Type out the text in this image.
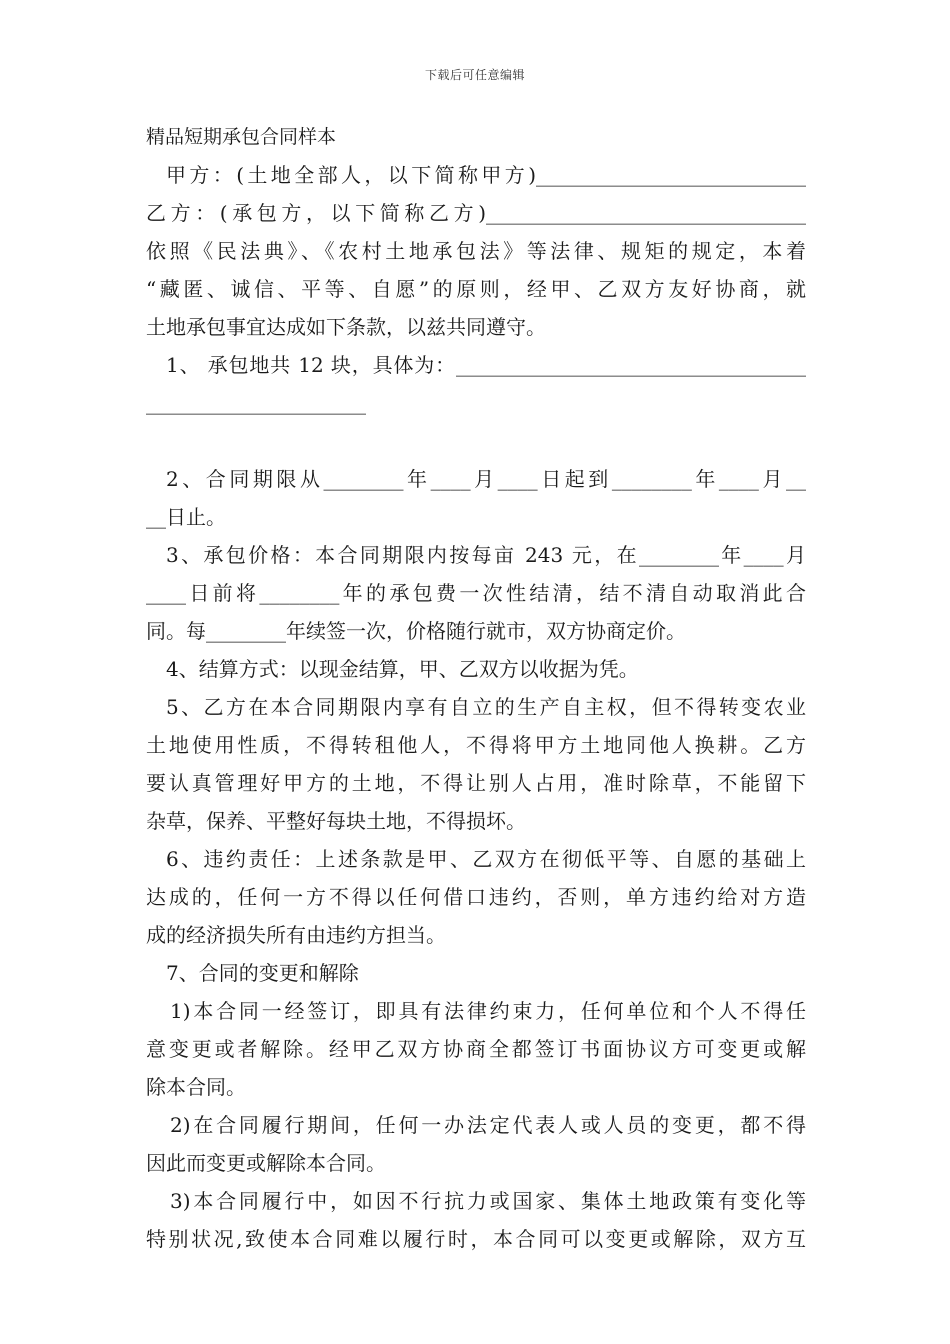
下载后可任意编辑
精品短期承包合同样本
甲方：(土地全部人，以下简称甲方)___________________________
乙方：(承包方，以下简称乙方)________________________________
依照《民法典》、《农村土地承包法》等法律、规矩的规定，本着
“藏匿、诚信、平等、自愿”的原则，经甲、乙双方友好协商，就
土地承包事宜达成如下条款，以兹共同遵守。
1、 承包地共 12 块，具体为：___________________________________
______________________
2、合同期限从________年____月____日起到________年____月__
__日止。
3、承包价格：本合同期限内按每亩 243 元，在________年____月
____日前将________年的承包费一次性结清，结不清自动取消此合
同。每________年续签一次，价格随行就市，双方协商定价。
4、结算方式：以现金结算，甲、乙双方以收据为凭。
5、乙方在本合同期限内享有自立的生产自主权，但不得转变农业
土地使用性质，不得转租他人，不得将甲方土地同他人换耕。乙方
要认真管理好甲方的土地，不得让别人占用，准时除草，不能留下
杂草，保养、平整好每块土地，不得损坏。
6、违约责任：上述条款是甲、乙双方在彻低平等、自愿的基础上
达成的，任何一方不得以任何借口违约，否则，单方违约给对方造
成的经济损失所有由违约方担当。
7、合同的变更和解除
1)本合同一经签订，即具有法律约束力，任何单位和个人不得任
意变更或者解除。经甲乙双方协商全都签订书面协议方可变更或解
除本合同。
2)在合同履行期间，任何一办法定代表人或人员的变更，都不得
因此而变更或解除本合同。
3)本合同履行中，如因不行抗力或国家、集体土地政策有变化等
特别状况,致使本合同难以履行时，本合同可以变更或解除，双方互
